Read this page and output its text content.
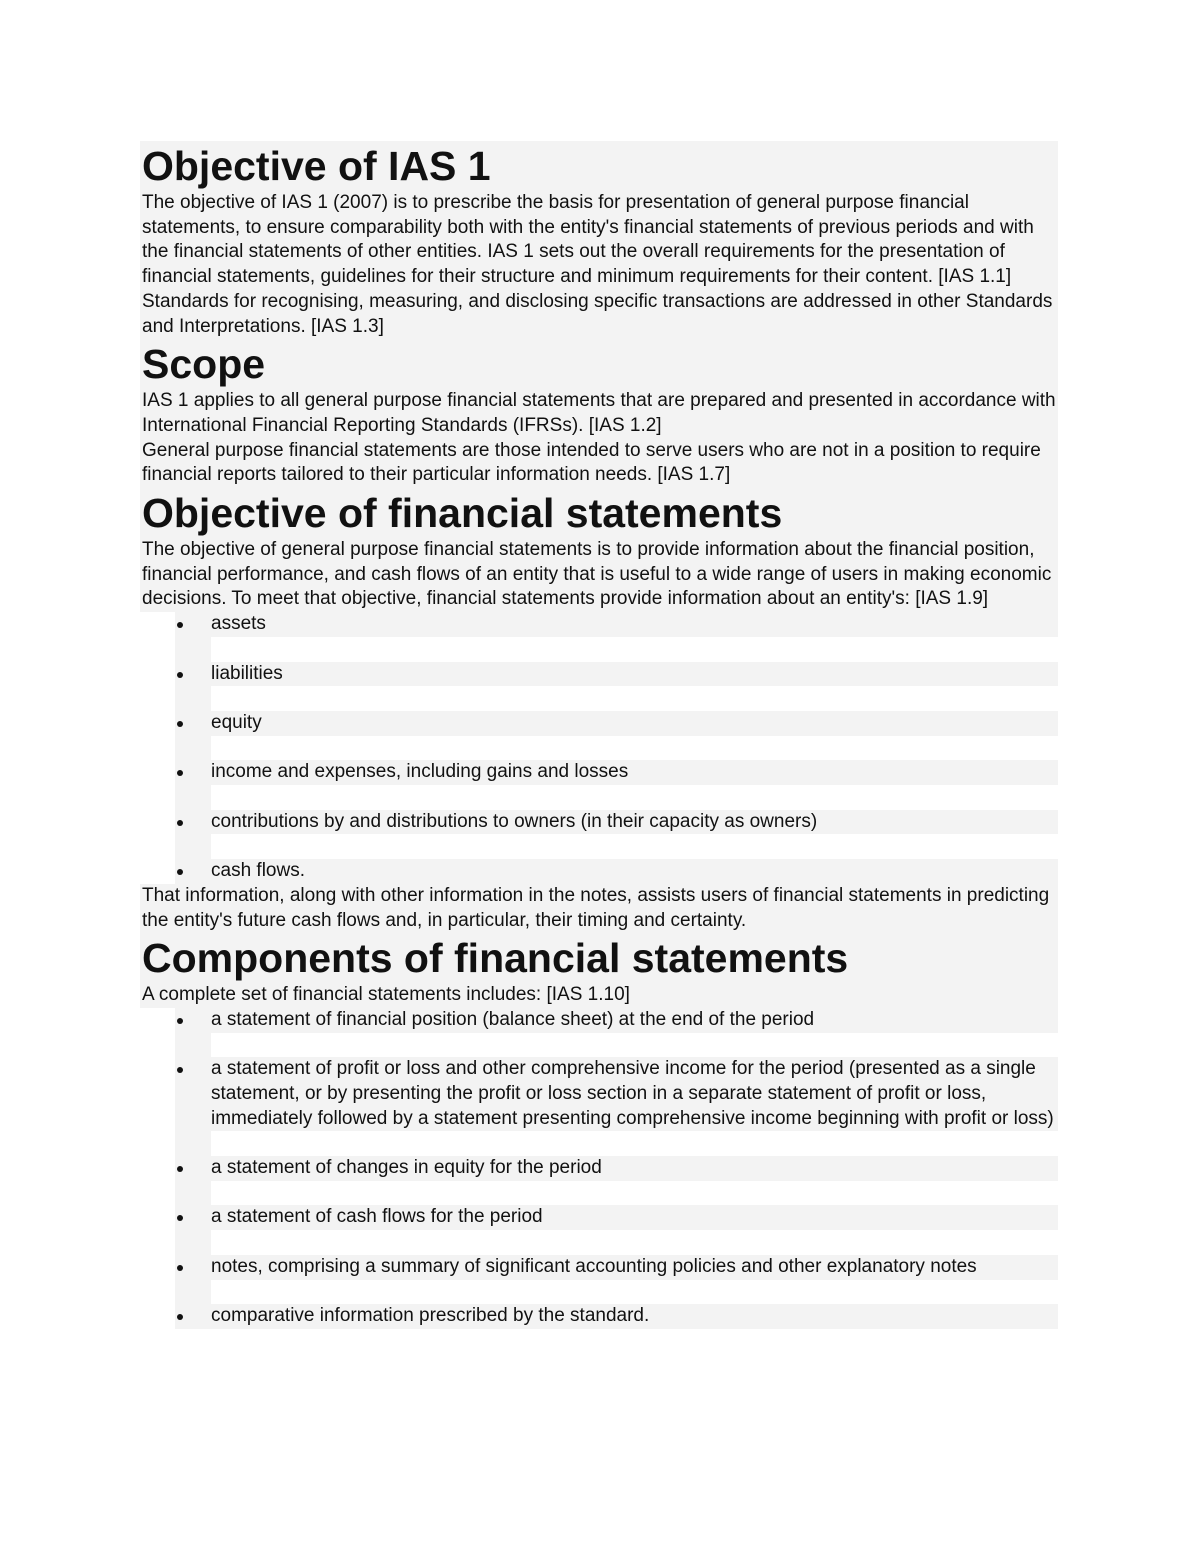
Objective of IAS 1

The objective of IAS 1 (2007) is to prescribe the basis for presentation of general purpose financial statements, to ensure comparability both with the entity's financial statements of previous periods and with the financial statements of other entities. IAS 1 sets out the overall requirements for the presentation of financial statements, guidelines for their structure and minimum requirements for their content. [IAS 1.1] Standards for recognising, measuring, and disclosing specific transactions are addressed in other Standards and Interpretations. [IAS 1.3]

Scope

IAS 1 applies to all general purpose financial statements that are prepared and presented in accordance with International Financial Reporting Standards (IFRSs). [IAS 1.2]

General purpose financial statements are those intended to serve users who are not in a position to require financial reports tailored to their particular information needs. [IAS 1.7]

Objective of financial statements

The objective of general purpose financial statements is to provide information about the financial position, financial performance, and cash flows of an entity that is useful to a wide range of users in making economic decisions. To meet that objective, financial statements provide information about an entity's: [IAS 1.9]

assets
liabilities
equity
income and expenses, including gains and losses
contributions by and distributions to owners (in their capacity as owners)
cash flows.

That information, along with other information in the notes, assists users of financial statements in predicting the entity's future cash flows and, in particular, their timing and certainty.

Components of financial statements

A complete set of financial statements includes: [IAS 1.10]

a statement of financial position (balance sheet) at the end of the period
a statement of profit or loss and other comprehensive income for the period (presented as a single statement, or by presenting the profit or loss section in a separate statement of profit or loss, immediately followed by a statement presenting comprehensive income beginning with profit or loss)
a statement of changes in equity for the period
a statement of cash flows for the period
notes, comprising a summary of significant accounting policies and other explanatory notes
comparative information prescribed by the standard.
